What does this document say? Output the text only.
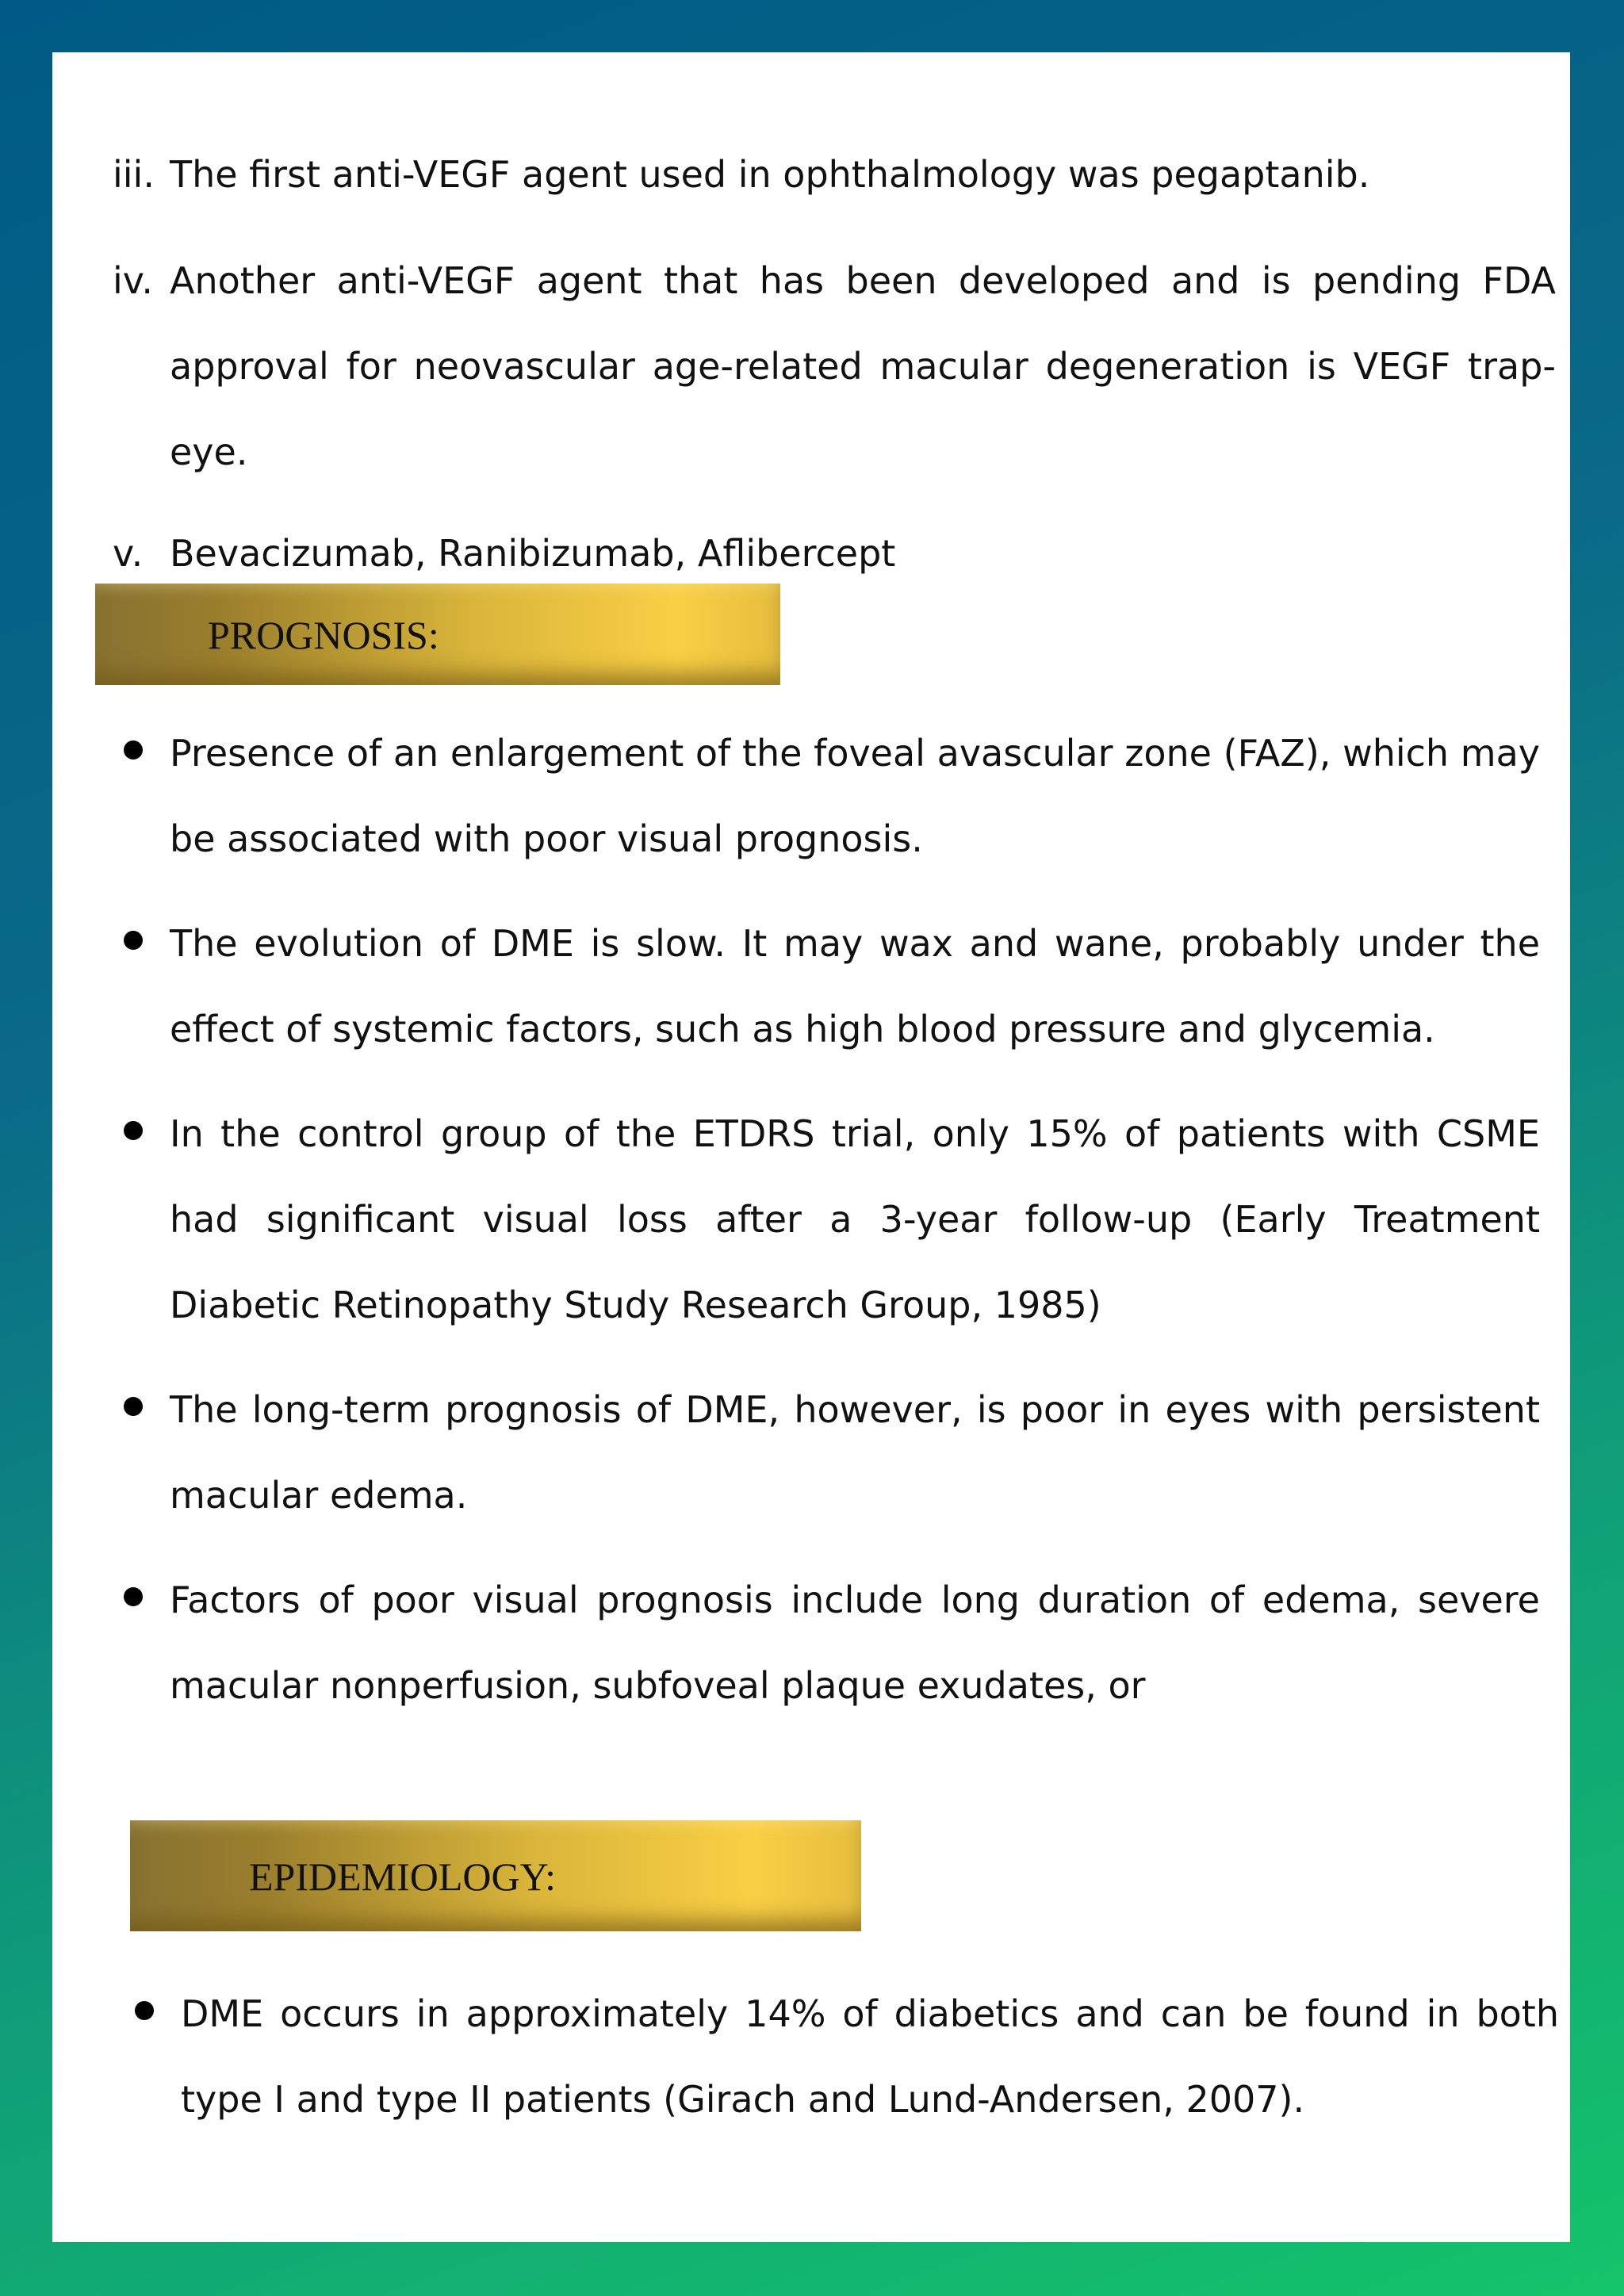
iii. The first anti-VEGF agent used in ophthalmology was pegaptanib.
iv. Another anti-VEGF agent that has been developed and is pending FDA approval for neovascular age-related macular degeneration is VEGF trap-eye.
v. Bevacizumab, Ranibizumab, Aflibercept
PROGNOSIS:
Presence of an enlargement of the foveal avascular zone (FAZ), which may be associated with poor visual prognosis.
The evolution of DME is slow. It may wax and wane, probably under the effect of systemic factors, such as high blood pressure and glycemia.
In the control group of the ETDRS trial, only 15% of patients with CSME had significant visual loss after a 3-year follow-up (Early Treatment Diabetic Retinopathy Study Research Group, 1985)
The long-term prognosis of DME, however, is poor in eyes with persistent macular edema.
Factors of poor visual prognosis include long duration of edema, severe macular nonperfusion, subfoveal plaque exudates, or
EPIDEMIOLOGY:
DME occurs in approximately 14% of diabetics and can be found in both type I and type II patients (Girach and Lund-Andersen, 2007).
